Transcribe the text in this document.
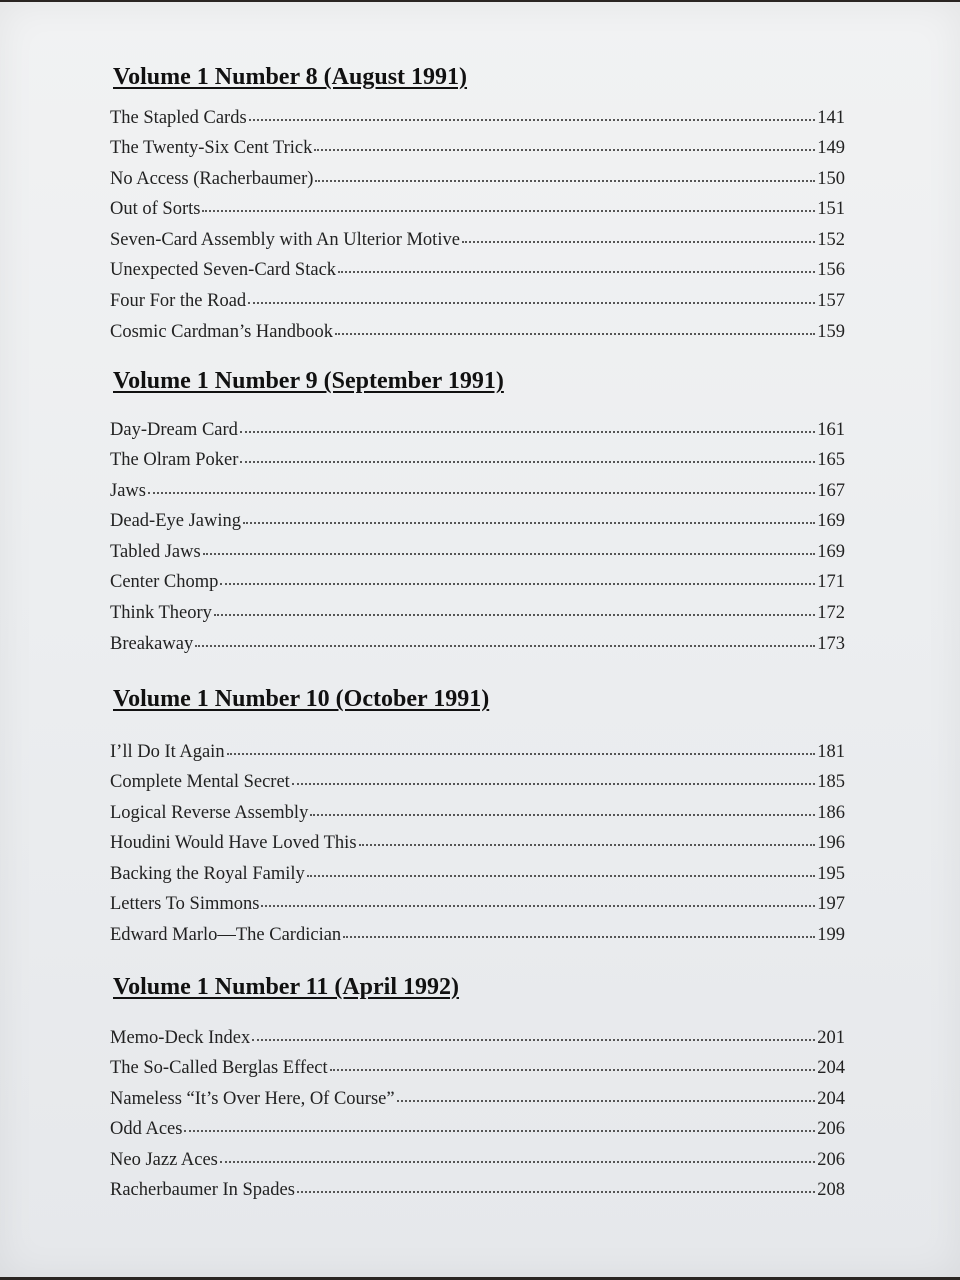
Volume 1 Number 8 (August 1991)
The Stapled Cards	141
The Twenty-Six Cent Trick	149
No Access (Racherbaumer)	150
Out of Sorts	151
Seven-Card Assembly with An Ulterior Motive	152
Unexpected Seven-Card Stack	156
Four For the Road	157
Cosmic Cardman’s Handbook	159
Volume 1 Number 9 (September 1991)
Day-Dream Card	161
The Olram Poker	165
Jaws	167
Dead-Eye Jawing	169
Tabled Jaws	169
Center Chomp	171
Think Theory	172
Breakaway	173
Volume 1 Number 10 (October 1991)
I’ll Do It Again	181
Complete Mental Secret	185
Logical Reverse Assembly	186
Houdini Would Have Loved This	196
Backing the Royal Family	195
Letters To Simmons	197
Edward Marlo—The Cardician	199
Volume 1 Number 11 (April 1992)
Memo-Deck Index	201
The So-Called Berglas Effect	204
Nameless “It’s Over Here, Of Course”	204
Odd Aces	206
Neo Jazz Aces	206
Racherbaumer In Spades	208
